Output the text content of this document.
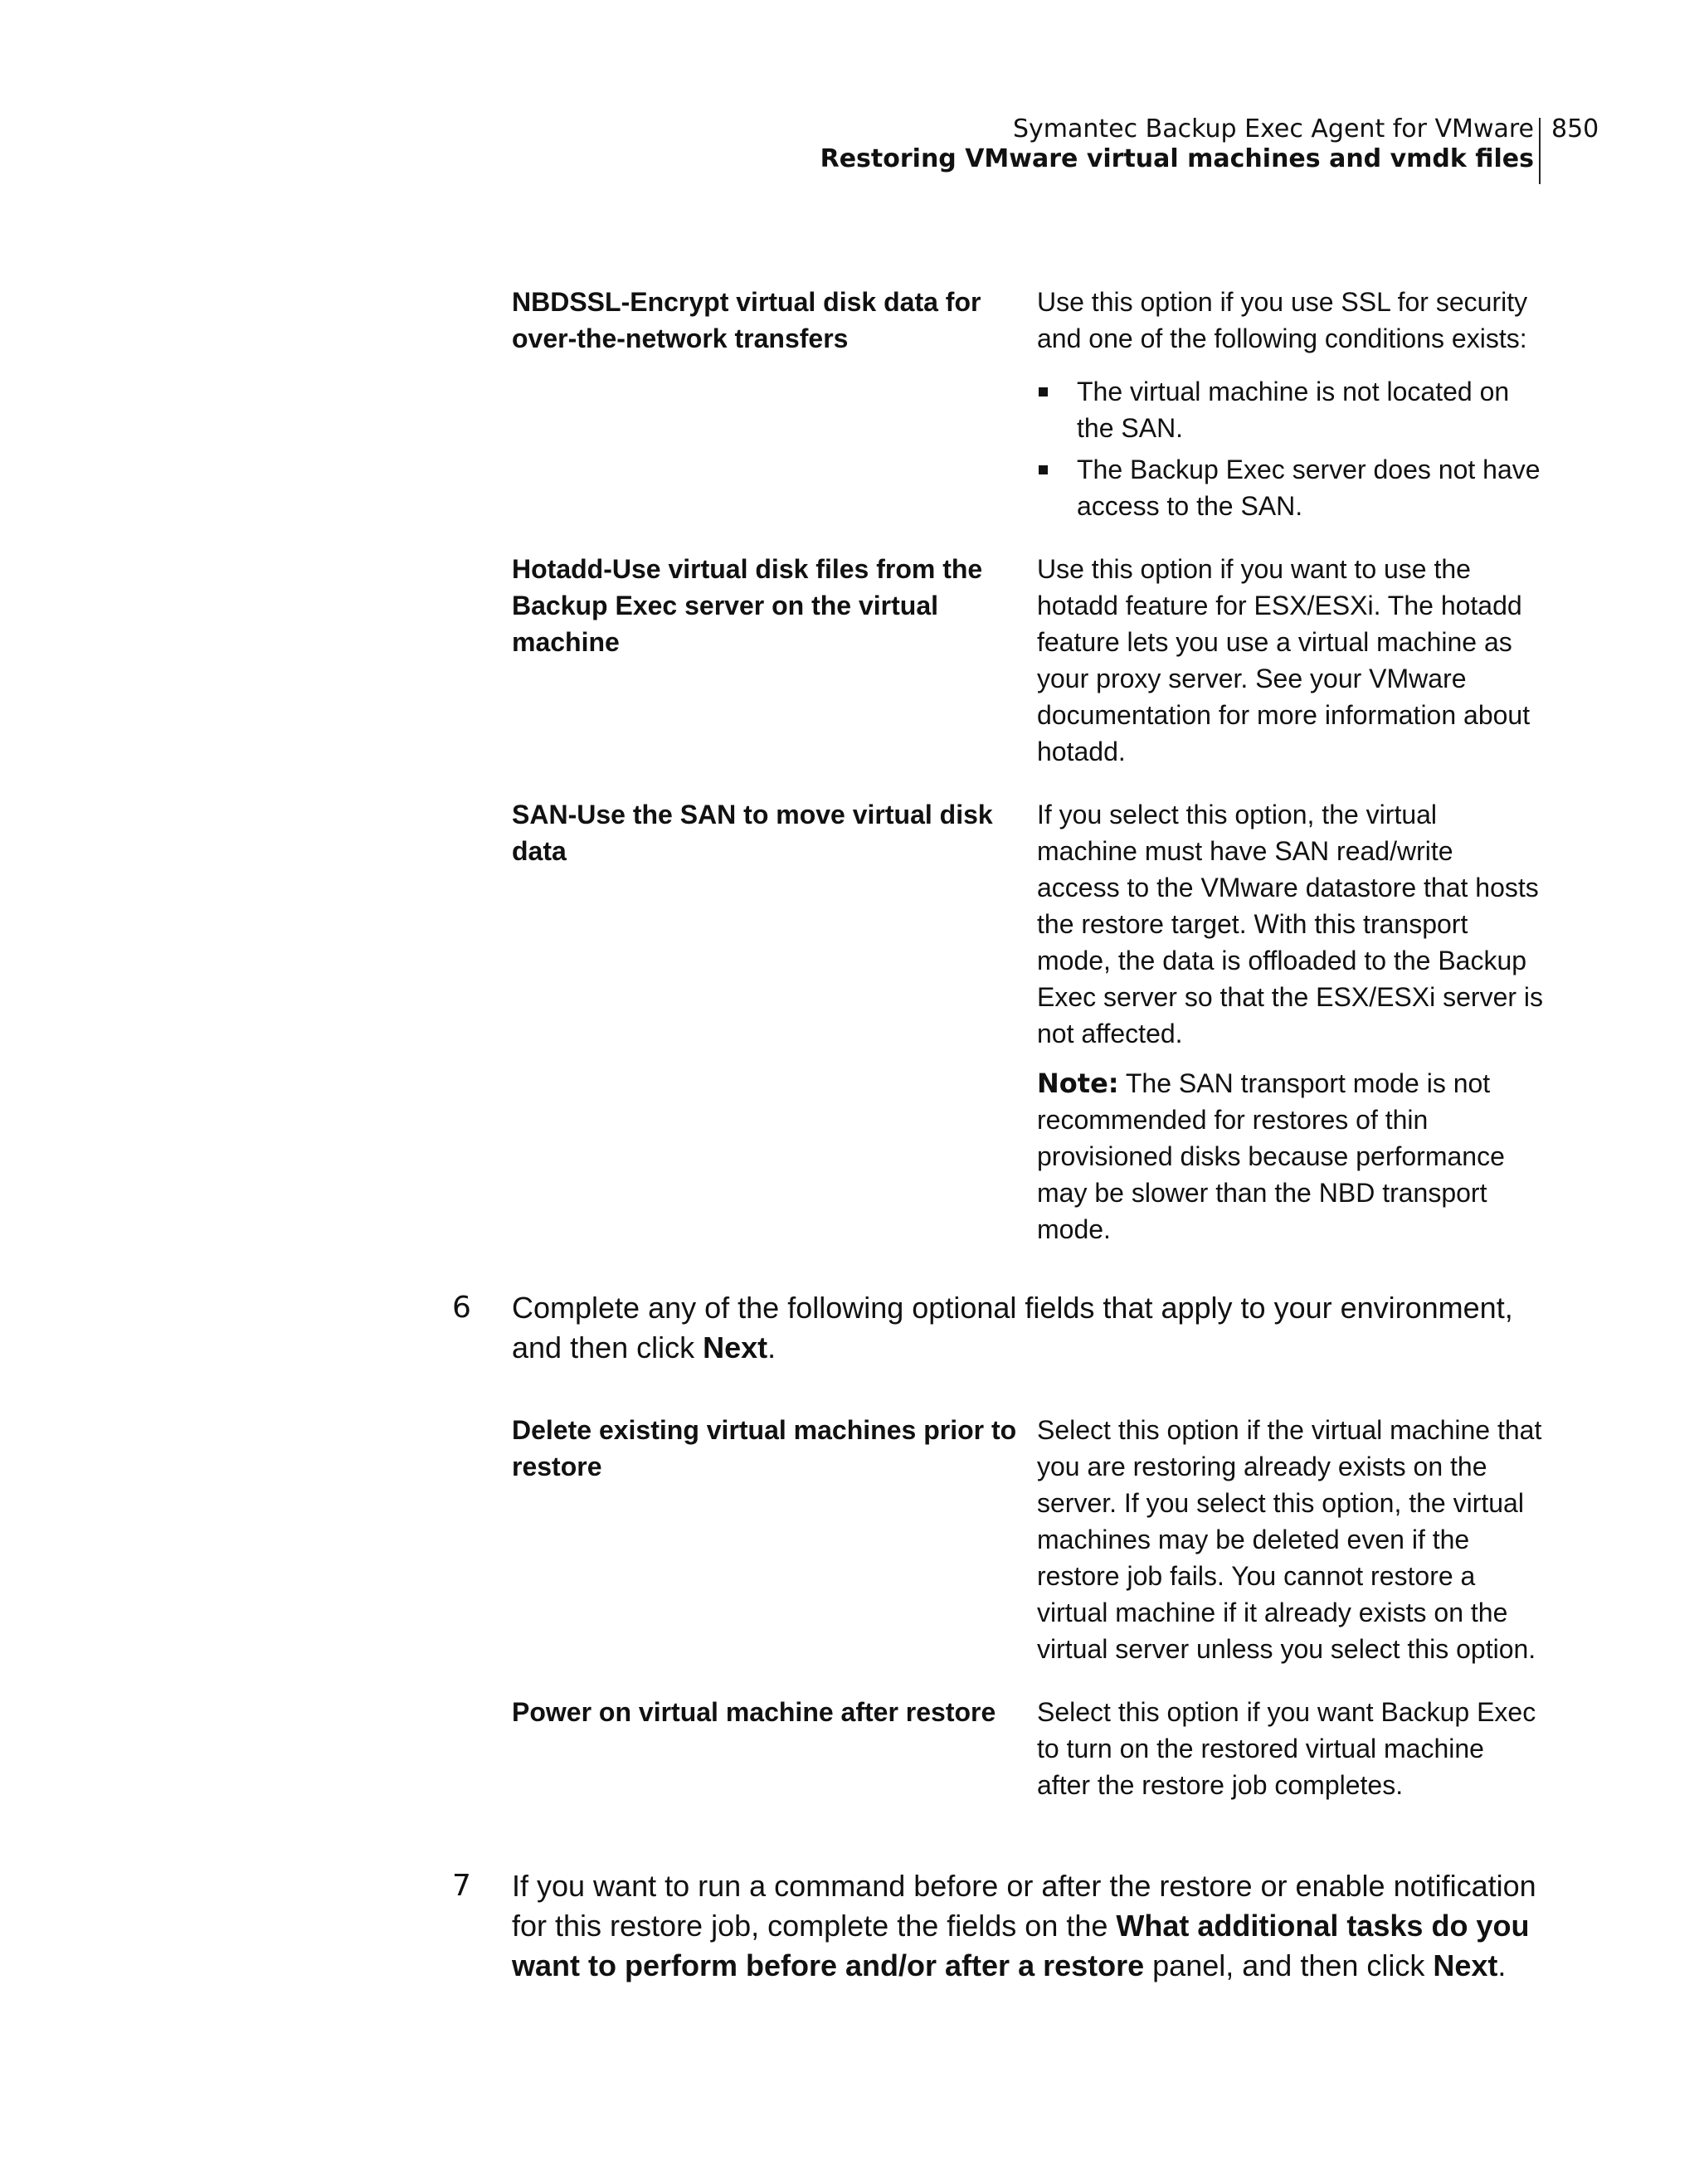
Symantec Backup Exec Agent for VMware
Restoring VMware virtual machines and vmdk files
850
NBDSSL-Encrypt virtual disk data for over-the-network transfers

Use this option if you use SSL for security and one of the following conditions exists:

The virtual machine is not located on the SAN.
The Backup Exec server does not have access to the SAN.
Hotadd-Use virtual disk files from the Backup Exec server on the virtual machine

Use this option if you want to use the hotadd feature for ESX/ESXi. The hotadd feature lets you use a virtual machine as your proxy server. See your VMware documentation for more information about hotadd.

SAN-Use the SAN to move virtual disk data

If you select this option, the virtual machine must have SAN read/write access to the VMware datastore that hosts the restore target. With this transport mode, the data is offloaded to the Backup Exec server so that the ESX/ESXi server is not affected.

Note: The SAN transport mode is not recommended for restores of thin provisioned disks because performance may be slower than the NBD transport mode.

6 Complete any of the following optional fields that apply to your environment, and then click Next.
Delete existing virtual machines prior to restore

Select this option if the virtual machine that you are restoring already exists on the server. If you select this option, the virtual machines may be deleted even if the restore job fails. You cannot restore a virtual machine if it already exists on the virtual server unless you select this option.

Power on virtual machine after restore	Select this option if you want Backup Exec to turn on the restored virtual machine after the restore job completes.

7 If you want to run a command before or after the restore or enable notification for this restore job, complete the fields on the What additional tasks do you want to perform before and/or after a restore panel, and then click Next.
